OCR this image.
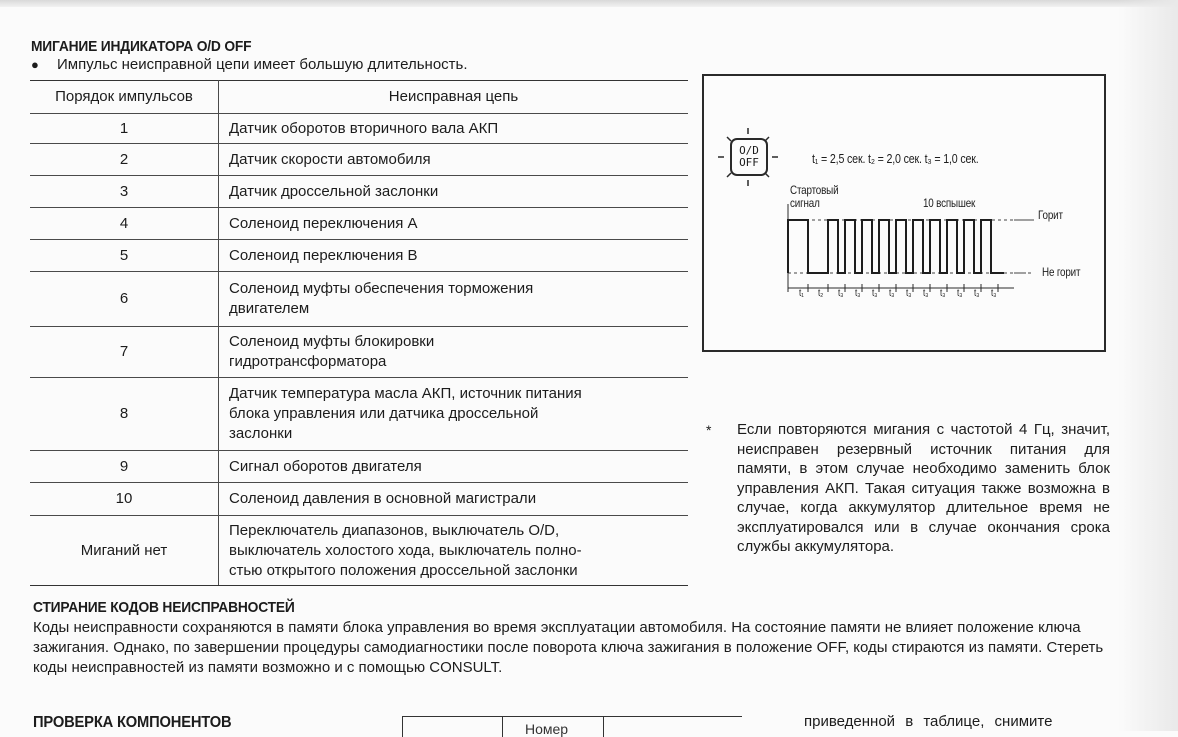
МИГАНИЕ ИНДИКАТОРА O/D OFF
● Импульс неисправной цепи имеет большую длительность.
Порядок импульсов	Неисправная цепь
1	Датчик оборотов вторичного вала АКП
2	Датчик скорости автомобиля
3	Датчик дроссельной заслонки
4	Соленоид переключения А
5	Соленоид переключения В
6	Соленоид муфты обеспечения торможения
двигателем
7	Соленоид муфты блокировки
гидротрансформатора
8	Датчик температура масла АКП, источник питания
блока управления или датчика дроссельной
заслонки
9	Сигнал оборотов двигателя
10	Соленоид давления в основной магистрали
Миганий нет	Переключатель диапазонов, выключатель O/D,
выключатель холостого хода, выключатель полно-
стью открытого положения дроссельной заслонки
O/D
OFF	t₁ = 2,5 сек. t₂ = 2,0 сек. t₃ = 1,0 сек.
Стартовый
сигнал	10 вспышек
Горит
Не горит
t₁ t₂ t₃ t₃ t₃ t₃ t₃ t₃ t₃ t₃ t₃ t₃
* Если повторяются мигания с частотой 4 Гц, значит, неисправен резервный источник питания для памяти, в этом случае необходимо заменить блок управления АКП. Такая ситуация также возможна в случае, когда аккумулятор длительное время не эксплуатировался или в случае окончания срока службы аккумулятора.

СТИРАНИЕ КОДОВ НЕИСПРАВНОСТЕЙ

Коды неисправности сохраняются в памяти блока управления во время эксплуатации автомобиля. На состояние памяти не влияет положение ключа зажигания. Однако, по завершении процедуры самодиагностики после поворота ключа зажигания в положение OFF, коды стираются из памяти. Стереть коды неисправностей из памяти возможно и с помощью CONSULT.

ПРОВЕРКА КОМПОНЕНТОВ	Номер	приведенной в таблице, снимите
